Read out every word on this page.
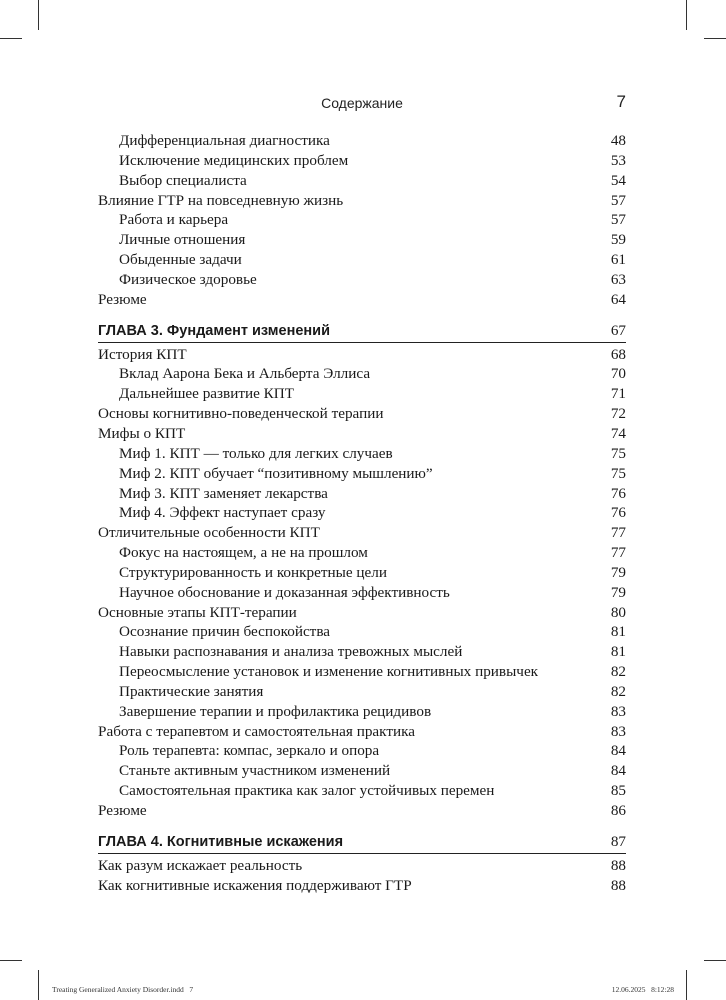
Содержание	7
Дифференциальная диагностика	48
Исключение медицинских проблем	53
Выбор специалиста	54
Влияние ГТР на повседневную жизнь	57
Работа и карьера	57
Личные отношения	59
Обыденные задачи	61
Физическое здоровье	63
Резюме	64
ГЛАВА 3. Фундамент изменений	67
История КПТ	68
Вклад Аарона Бека и Альберта Эллиса	70
Дальнейшее развитие КПТ	71
Основы когнитивно-поведенческой терапии	72
Мифы о КПТ	74
Миф 1. КПТ — только для легких случаев	75
Миф 2. КПТ обучает “позитивному мышлению”	75
Миф 3. КПТ заменяет лекарства	76
Миф 4. Эффект наступает сразу	76
Отличительные особенности КПТ	77
Фокус на настоящем, а не на прошлом	77
Структурированность и конкретные цели	79
Научное обоснование и доказанная эффективность	79
Основные этапы КПТ-терапии	80
Осознание причин беспокойства	81
Навыки распознавания и анализа тревожных мыслей	81
Переосмысление установок и изменение когнитивных привычек	82
Практические занятия	82
Завершение терапии и профилактика рецидивов	83
Работа с терапевтом и самостоятельная практика	83
Роль терапевта: компас, зеркало и опора	84
Станьте активным участником изменений	84
Самостоятельная практика как залог устойчивых перемен	85
Резюме	86
ГЛАВА 4. Когнитивные искажения	87
Как разум искажает реальность	88
Как когнитивные искажения поддерживают ГТР	88
Treating Generalized Anxiety Disorder.indd   7	12.06.2025   8:12:28
